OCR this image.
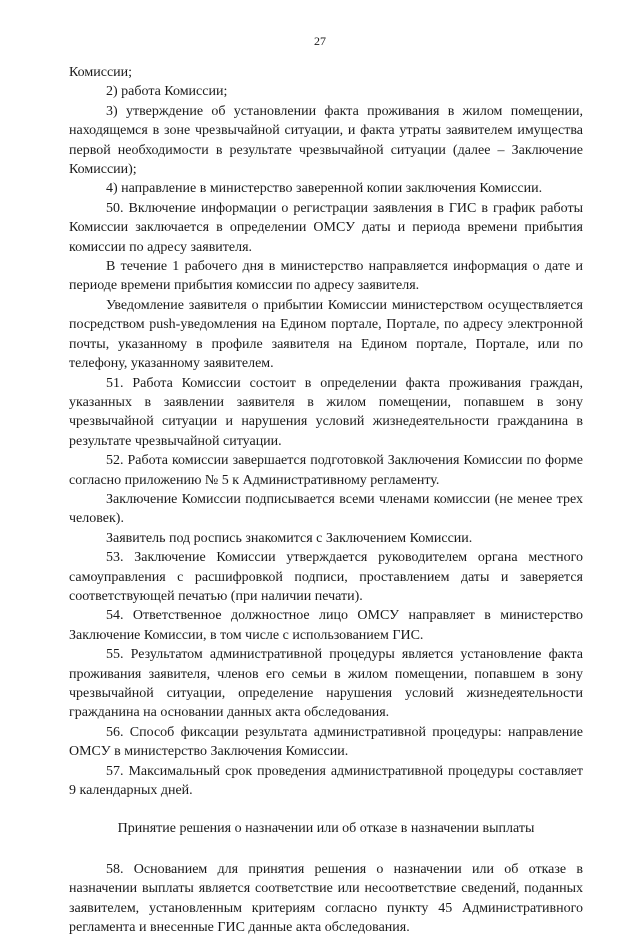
27

Комиссии;

2) работа Комиссии;

3) утверждение об установлении факта проживания в жилом помещении, находящемся в зоне чрезвычайной ситуации, и факта утраты заявителем имущества первой необходимости в результате чрезвычайной ситуации (далее – Заключение Комиссии);

4) направление в министерство заверенной копии заключения Комиссии.

50. Включение информации о регистрации заявления в ГИС в график работы Комиссии заключается в определении ОМСУ даты и периода времени прибытия комиссии по адресу заявителя.

В течение 1 рабочего дня в министерство направляется информация о дате и периоде времени прибытия комиссии по адресу заявителя.

Уведомление заявителя о прибытии Комиссии министерством осуществляется посредством push-уведомления на Едином портале, Портале, по адресу электронной почты, указанному в профиле заявителя на Едином портале, Портале, или по телефону, указанному заявителем.

51. Работа Комиссии состоит в определении факта проживания граждан, указанных в заявлении заявителя в жилом помещении, попавшем в зону чрезвычайной ситуации и нарушения условий жизнедеятельности гражданина в результате чрезвычайной ситуации.

52. Работа комиссии завершается подготовкой Заключения Комиссии по форме согласно приложению № 5 к Административному регламенту.

Заключение Комиссии подписывается всеми членами комиссии (не менее трех человек).

Заявитель под роспись знакомится с Заключением Комиссии.

53. Заключение Комиссии утверждается руководителем органа местного самоуправления с расшифровкой подписи, проставлением даты и заверяется соответствующей печатью (при наличии печати).

54. Ответственное должностное лицо ОМСУ направляет в министерство Заключение Комиссии, в том числе с использованием ГИС.

55. Результатом административной процедуры является установление факта проживания заявителя, членов его семьи в жилом помещении, попавшем в зону чрезвычайной ситуации, определение нарушения условий жизнедеятельности гражданина на основании данных акта обследования.

56. Способ фиксации результата административной процедуры: направление ОМСУ в министерство Заключения Комиссии.

57. Максимальный срок проведения административной процедуры составляет 9 календарных дней.

Принятие решения о назначении или об отказе в назначении выплаты

58. Основанием для принятия решения о назначении или об отказе в назначении выплаты является соответствие или несоответствие сведений, поданных заявителем, установленным критериям согласно пункту 45 Административного регламента и внесенные ГИС данные акта обследования.
